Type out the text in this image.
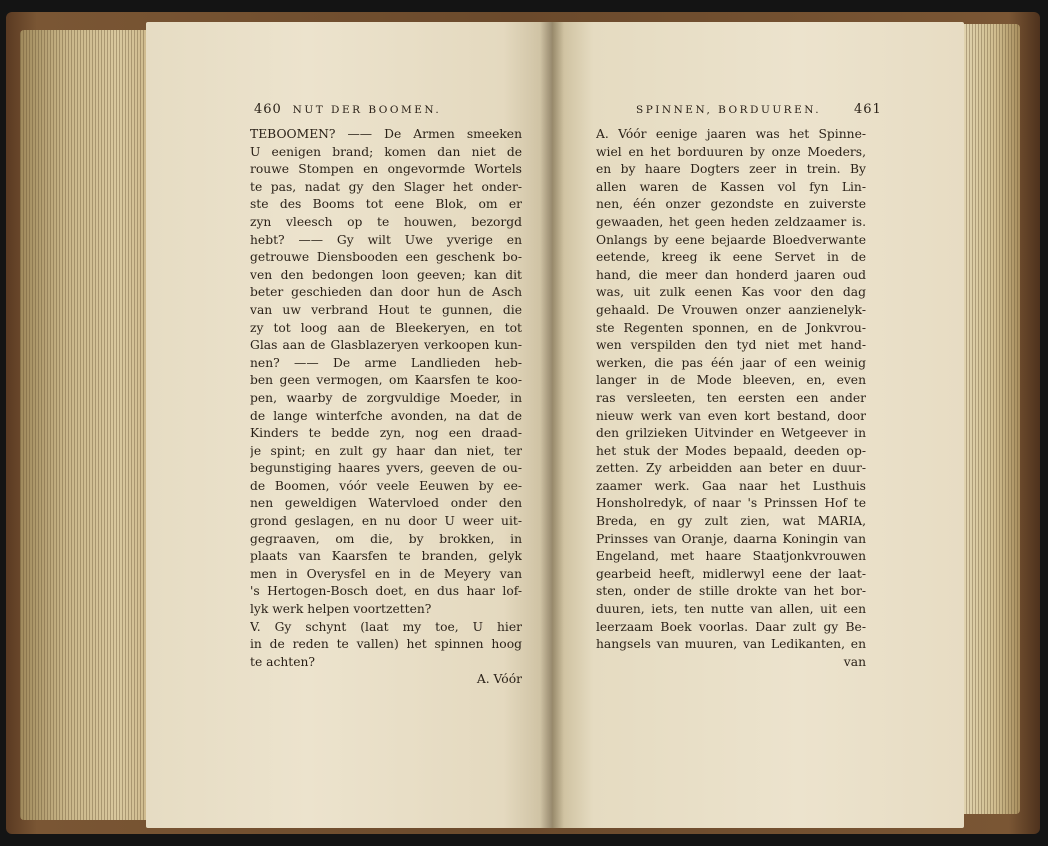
460 NUT DER BOOMEN.
TEBOOMEN? —— De Armen smeeken
U eenigen brand; komen dan niet de
rouwe Stompen en ongevormde Wortels
te pas, nadat gy den Slager het onder-
ste des Booms tot eene Blok, om er
zyn vleesch op te houwen, bezorgd
hebt? —— Gy wilt Uwe yverige en
getrouwe Diensbooden een geschenk bo-
ven den bedongen loon geeven; kan dit
beter geschieden dan door hun de Asch
van uw verbrand Hout te gunnen, die
zy tot loog aan de Bleekeryen, en tot
Glas aan de Glasblazeryen verkoopen kun-
nen? —— De arme Landlieden heb-
ben geen vermogen, om Kaarsfen te koo-
pen, waarby de zorgvuldige Moeder, in
de lange winterfche avonden, na dat de
Kinders te bedde zyn, nog een draad-
je spint; en zult gy haar dan niet, ter
begunstiging haares yvers, geeven de ou-
de Boomen, vóór veele Eeuwen by ee-
nen geweldigen Watervloed onder den
grond geslagen, en nu door U weer uit-
gegraaven, om die, by brokken, in
plaats van Kaarsfen te branden, gelyk
men in Overysfel en in de Meyery van
's Hertogen-Bosch doet, en dus haar lof-
lyk werk helpen voortzetten?
V. Gy schynt (laat my toe, U hier
in de reden te vallen) het spinnen hoog
te achten?
A. Vóór
SPINNEN, BORDUUREN.	461
A. Vóór eenige jaaren was het Spinne-
wiel en het borduuren by onze Moeders,
en by haare Dogters zeer in trein. By
allen waren de Kassen vol fyn Lin-
nen, één onzer gezondste en zuiverste
gewaaden, het geen heden zeldzaamer is.
Onlangs by eene bejaarde Bloedverwante
eetende, kreeg ik eene Servet in de
hand, die meer dan honderd jaaren oud
was, uit zulk eenen Kas voor den dag
gehaald. De Vrouwen onzer aanzienelyk-
ste Regenten sponnen, en de Jonkvrou-
wen verspilden den tyd niet met hand-
werken, die pas één jaar of een weinig
langer in de Mode bleeven, en, even
ras versleeten, ten eersten een ander
nieuw werk van even kort bestand, door
den grilzieken Uitvinder en Wetgeever in
het stuk der Modes bepaald, deeden op-
zetten. Zy arbeidden aan beter en duur-
zaamer werk. Gaa naar het Lusthuis
Honsholredyk, of naar 's Prinssen Hof te
Breda, en gy zult zien, wat MARIA,
Prinsses van Oranje, daarna Koningin van
Engeland, met haare Staatjonkvrouwen
gearbeid heeft, midlerwyl eene der laat-
sten, onder de stille drokte van het bor-
duuren, iets, ten nutte van allen, uit een
leerzaam Boek voorlas. Daar zult gy Be-
hangsels van muuren, van Ledikanten, en
van
